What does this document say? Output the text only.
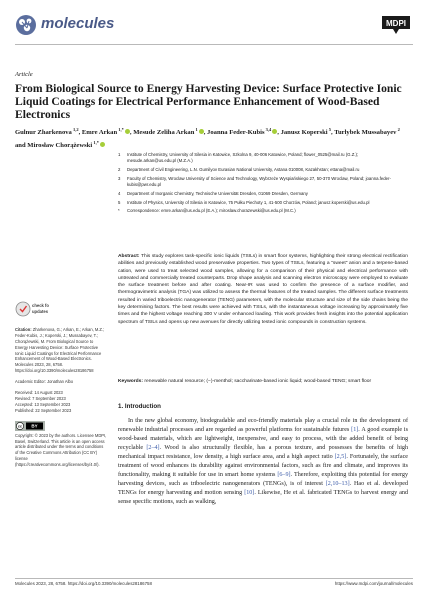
molecules	MDPI
Article
From Biological Source to Energy Harvesting Device: Surface Protective Ionic Liquid Coatings for Electrical Performance Enhancement of Wood-Based Electronics
Gulnur Zharkenova $^{1,2}$, Emre Arkan $^{1,*}$ , Mesude Zeliha Arkan $^1$ , Joanna Feder-Kubis $^{3,4}$ , Janusz Koperski $^5$, Turlybek Mussabayev $^2$ and Mirosław Chorążewski $^{1,*}$
1 Institute of Chemistry, University of Silesia in Katowice, Szkolna 9, 40-006 Katowice, Poland; flower_0525@mail.ru (G.Z.); mesude.arkan@us.edu.pl (M.Z.A.)
2 Department of Civil Engineering, L.N. Gumilyov Eurasian National University, Astana 010008, Kazakhstan; ettana@mail.ru
3 Faculty of Chemistry, Wroclaw University of Science and Technology, Wybrzeże Wyspiańskiego 27, 50-370 Wroclaw, Poland; joanna.feder-kubis@pwr.edu.pl
4 Department of Inorganic Chemistry, Technische Universität Dresden, 01069 Dresden, Germany
5 Institute of Physics, University of Silesia in Katowice, 75 Pułku Piechoty 1, 41-500 Chorzów, Poland; janusz.koperski@us.edu.pl
* Correspondence: emre.arkan@us.edu.pl (E.A.); miroslaw.chorazewski@us.edu.pl (M.C.)
check for
updates
Citation: Zharkenova, G.; Arkan, E.; Arkan, M.Z.; Feder-Kubis, J.; Koperski, J.; Mussabayev, T.; Chorążewski, M. From Biological Source to Energy Harvesting Device: Surface Protective Ionic Liquid Coatings for Electrical Performance Enhancement of Wood-Based Electronics. Molecules 2023, 28, 6758. https://doi.org/10.3390/molecules28186758
Academic Editor: Jonathan Albo
Received: 14 August 2023
Revised: 7 September 2023
Accepted: 13 September 2023
Published: 22 September 2023
cc BY
Copyright: © 2023 by the authors. Licensee MDPI, Basel, Switzerland. This article is an open access article distributed under the terms and conditions of the Creative Commons Attribution (CC BY) license (https://creativecommons.org/licenses/by/4.0/).
Abstract: This study explores task-specific ionic liquids (TSILs) in smart floor systems, highlighting their strong electrical rectification abilities and previously established wood preservative properties. Two types of TSILs, featuring a "sweet" anion and a terpene-based cation, were used to treat selected wood samples, allowing for a comparison of their physical and electrical performance with untreated and commercially treated counterparts. Drop shape analysis and scanning electron microscopy were employed to evaluate the surface treatment before and after coating. Near-IR was used to confirm the presence of a surface modifier, and thermogravimetric analysis (TGA) was utilized to assess the thermal features of the treated samples. The different surface treatments resulted in varied triboelectric nanogenerator (TENG) parameters, with the molecular structure and size of the side chains being the key determining factors. The best results were achieved with TSILs, with the instantaneous voltage increasing by approximately five times and the highest voltage reaching 300 V under enhanced loading. This work provides fresh insights into the potential application spectrum of TSILs and opens up new avenues for directly utilizing tested ionic compounds in construction systems.
Keywords: renewable natural resource; (−)-menthol; saccharinate-based ionic liquid; wood-based TENG; smart floor
1. Introduction

In the new global economy, biodegradable and eco-friendly materials play a crucial role in the development of renewable industrial processes and are regarded as powerful platforms for sustainable futures [1]. A good example is wood-based materials, which are lightweight, inexpensive, and easy to process, with the added benefit of being recyclable [2–4]. Wood is also structurally flexible, has a porous texture, and possesses the benefits of high mechanical impact resistance, low density, a high surface area, and a high aspect ratio [2,5]. Fortunately, the surface treatment of wood enhances its durability against environmental factors, such as fire and climate, and improves its functionality, making it suitable for use in smart home systems [6–9]. Therefore, exploiting this potential for energy harvesting devices, such as triboelectric nanogenerators (TENGs), is of interest [2,10–13]. Hao et al. developed TENGs for energy harvesting and motion sensing [10]. Likewise, He et al. fabricated TENGs to harvest energy and sense specific motions, such as walking,

Molecules 2023, 28, 6758. https://doi.org/10.3390/molecules28186758	https://www.mdpi.com/journal/molecules
